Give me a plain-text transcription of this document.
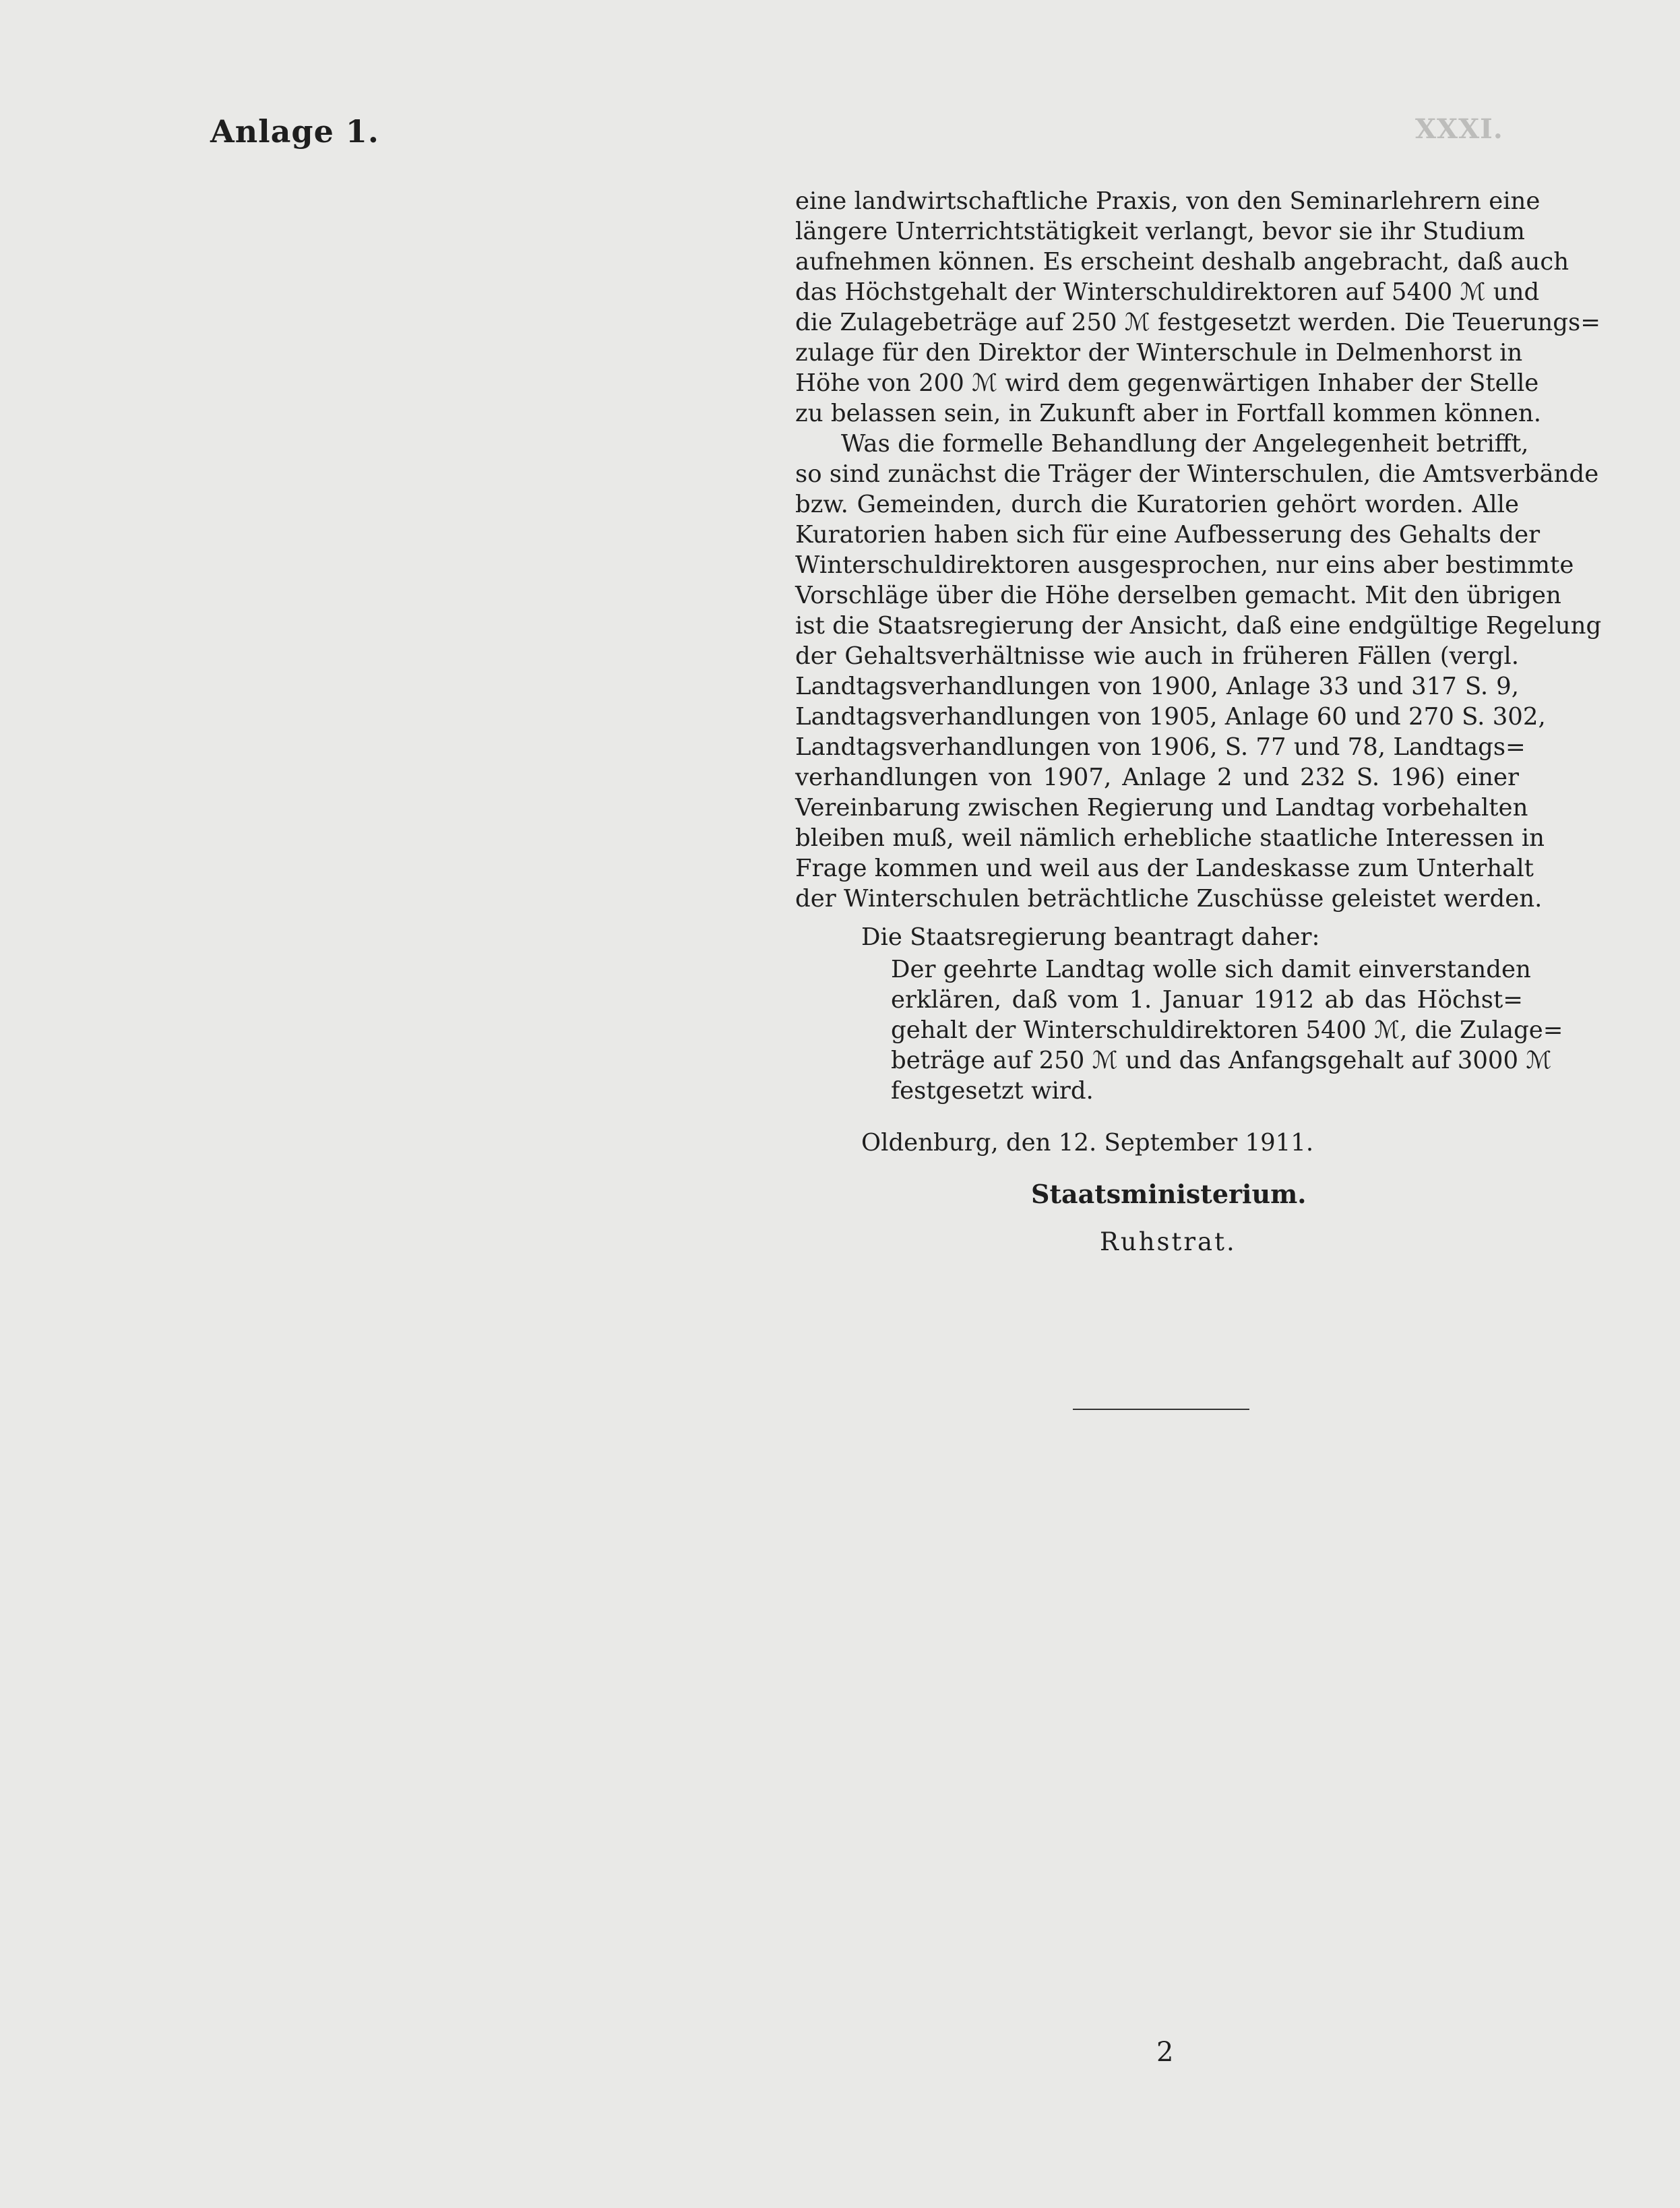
Anlage 1.	XXXI.
eine landwirtschaftliche Praxis, von den Seminarlehrern eine
längere Unterrichtstätigkeit verlangt, bevor sie ihr Studium
aufnehmen können. Es erscheint deshalb angebracht, daß auch
das Höchstgehalt der Winterschuldirektoren auf 5400 ℳ und
die Zulagebeträge auf 250 ℳ festgesetzt werden. Die Teuerungs=
zulage für den Direktor der Winterschule in Delmenhorst in
Höhe von 200 ℳ wird dem gegenwärtigen Inhaber der Stelle
zu belassen sein, in Zukunft aber in Fortfall kommen können.
Was die formelle Behandlung der Angelegenheit betrifft,
so sind zunächst die Träger der Winterschulen, die Amtsverbände
bzw. Gemeinden, durch die Kuratorien gehört worden. Alle
Kuratorien haben sich für eine Aufbesserung des Gehalts der
Winterschuldirektoren ausgesprochen, nur eins aber bestimmte
Vorschläge über die Höhe derselben gemacht. Mit den übrigen
ist die Staatsregierung der Ansicht, daß eine endgültige Regelung
der Gehaltsverhältnisse wie auch in früheren Fällen (vergl.
Landtagsverhandlungen von 1900, Anlage 33 und 317 S. 9,
Landtagsverhandlungen von 1905, Anlage 60 und 270 S. 302,
Landtagsverhandlungen von 1906, S. 77 und 78, Landtags=
verhandlungen von 1907, Anlage 2 und 232 S. 196) einer
Vereinbarung zwischen Regierung und Landtag vorbehalten
bleiben muß, weil nämlich erhebliche staatliche Interessen in
Frage kommen und weil aus der Landeskasse zum Unterhalt
der Winterschulen beträchtliche Zuschüsse geleistet werden.
Die Staatsregierung beantragt daher:
Der geehrte Landtag wolle sich damit einverstanden
erklären, daß vom 1. Januar 1912 ab das Höchst=
gehalt der Winterschuldirektoren 5400 ℳ, die Zulage=
beträge auf 250 ℳ und das Anfangsgehalt auf 3000 ℳ
festgesetzt wird.
Oldenburg, den 12. September 1911.
Staatsministerium.
Ruhstrat.
2
